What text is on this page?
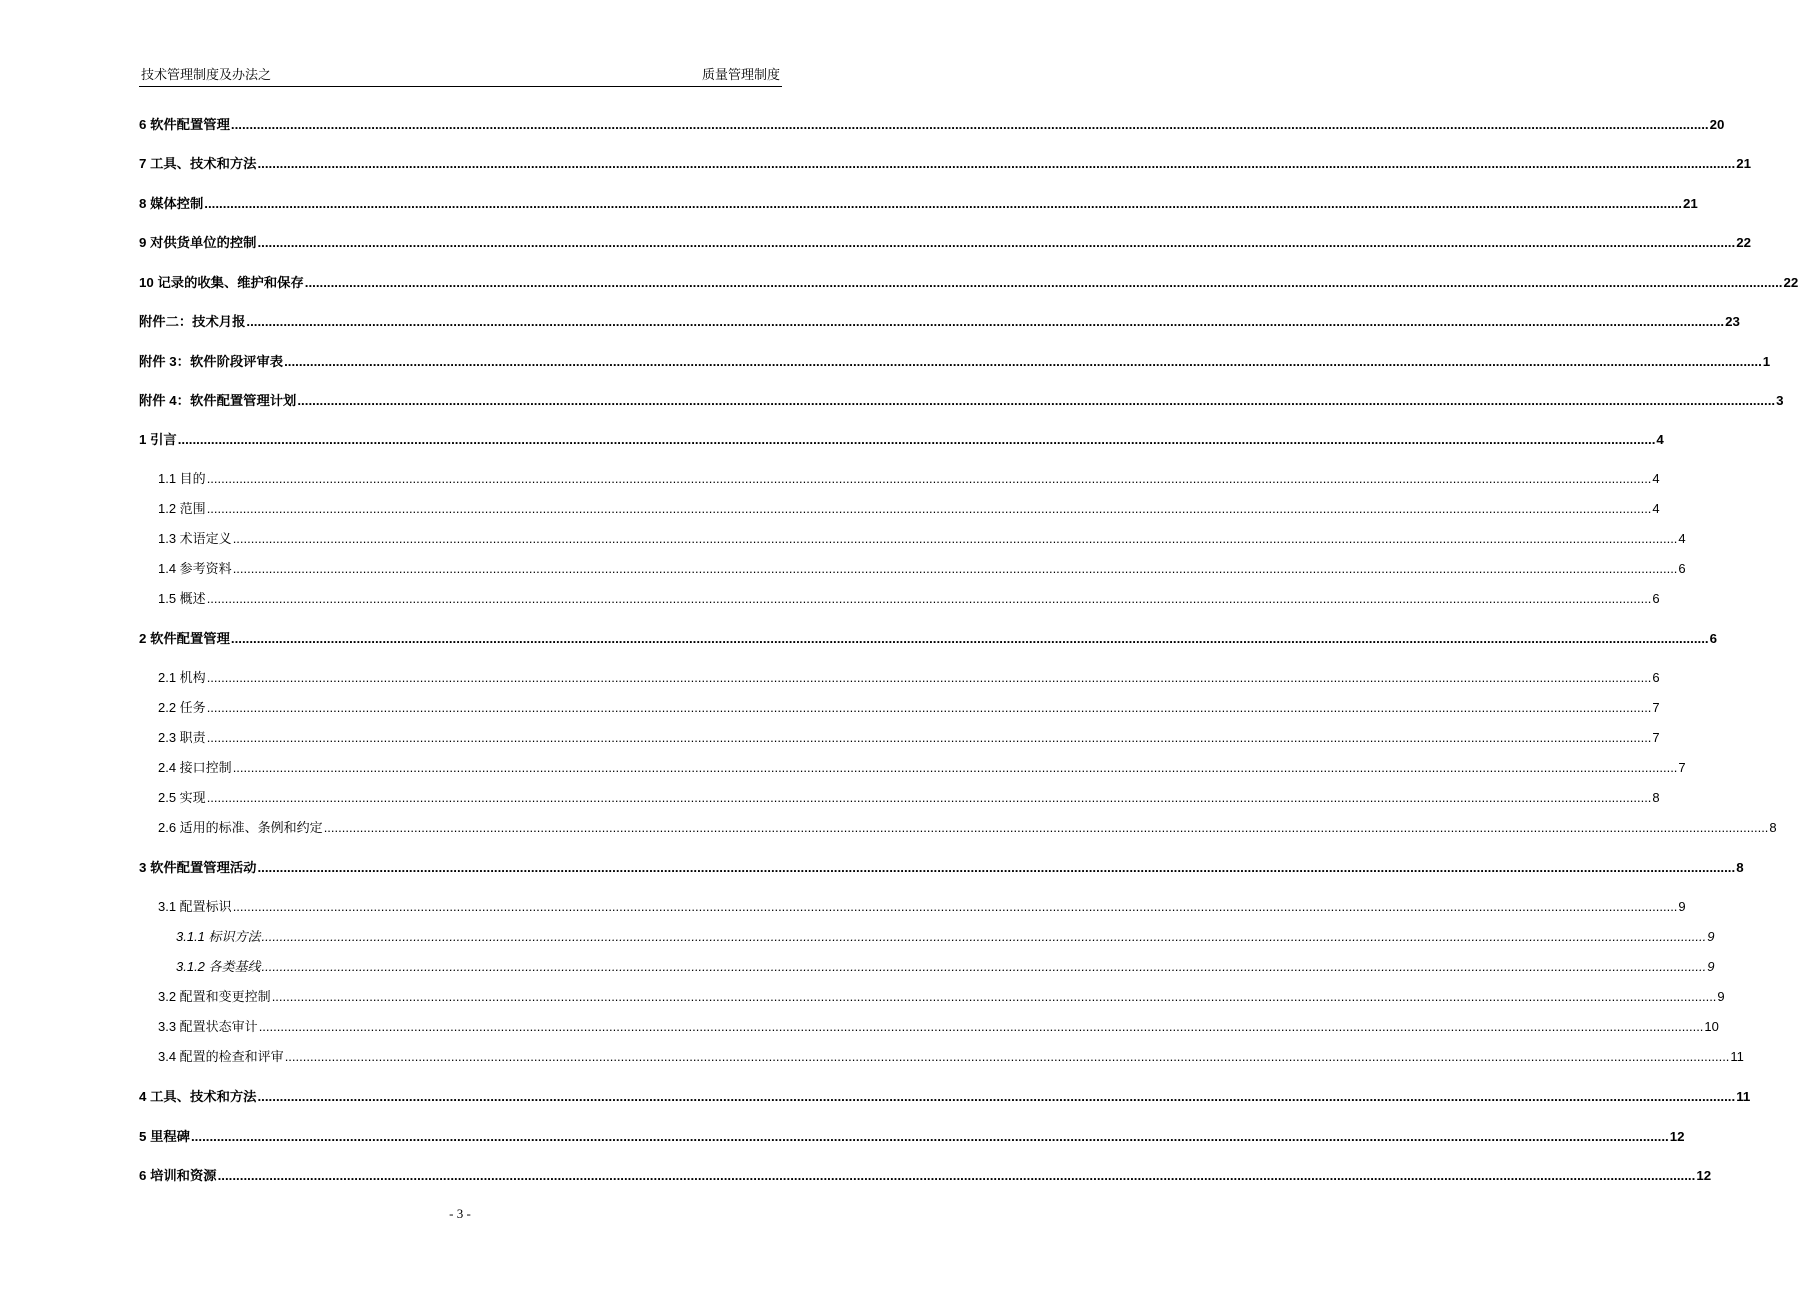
技术管理制度及办法之	质量管理制度
6 软件配置管理 ................................................................................................................................................................................................................................................................................................................................................................................................................ 20
7 工具、技术和方法 ................................................................................................................................................................................................................................................................................................................................................................................................................ 21
8 媒体控制 ................................................................................................................................................................................................................................................................................................................................................................................................................ 21
9 对供货单位的控制 ................................................................................................................................................................................................................................................................................................................................................................................................................ 22
10 记录的收集、维护和保存 ................................................................................................................................................................................................................................................................................................................................................................................................................ 22
附件二：技术月报 ................................................................................................................................................................................................................................................................................................................................................................................................................ 23
附件 3：软件阶段评审表 ................................................................................................................................................................................................................................................................................................................................................................................................................ 1
附件 4：软件配置管理计划 ................................................................................................................................................................................................................................................................................................................................................................................................................ 3
1 引言 ................................................................................................................................................................................................................................................................................................................................................................................................................ 4
1.1 目的 ................................................................................................................................................................................................................................................................................................................................................................................................................ 4
1.2 范围 ................................................................................................................................................................................................................................................................................................................................................................................................................ 4
1.3 术语定义 ................................................................................................................................................................................................................................................................................................................................................................................................................ 4
1.4 参考资料 ................................................................................................................................................................................................................................................................................................................................................................................................................ 6
1.5 概述 ................................................................................................................................................................................................................................................................................................................................................................................................................ 6
2 软件配置管理 ................................................................................................................................................................................................................................................................................................................................................................................................................ 6
2.1 机构 ................................................................................................................................................................................................................................................................................................................................................................................................................ 6
2.2 任务 ................................................................................................................................................................................................................................................................................................................................................................................................................ 7
2.3 职责 ................................................................................................................................................................................................................................................................................................................................................................................................................ 7
2.4 接口控制 ................................................................................................................................................................................................................................................................................................................................................................................................................ 7
2.5 实现 ................................................................................................................................................................................................................................................................................................................................................................................................................ 8
2.6 适用的标准、条例和约定 ................................................................................................................................................................................................................................................................................................................................................................................................................ 8
3 软件配置管理活动 ................................................................................................................................................................................................................................................................................................................................................................................................................ 8
3.1 配置标识 ................................................................................................................................................................................................................................................................................................................................................................................................................ 9
3.1.1 标识方法 ................................................................................................................................................................................................................................................................................................................................................................................................................ 9
3.1.2 各类基线 ................................................................................................................................................................................................................................................................................................................................................................................................................ 9
3.2 配置和变更控制 ................................................................................................................................................................................................................................................................................................................................................................................................................ 9
3.3 配置状态审计 ................................................................................................................................................................................................................................................................................................................................................................................................................ 10
3.4 配置的检查和评审 ................................................................................................................................................................................................................................................................................................................................................................................................................ 11
4 工具、技术和方法 ................................................................................................................................................................................................................................................................................................................................................................................................................ 11
5 里程碑 ................................................................................................................................................................................................................................................................................................................................................................................................................ 12
6 培训和资源 ................................................................................................................................................................................................................................................................................................................................................................................................................ 12
- 3 -
